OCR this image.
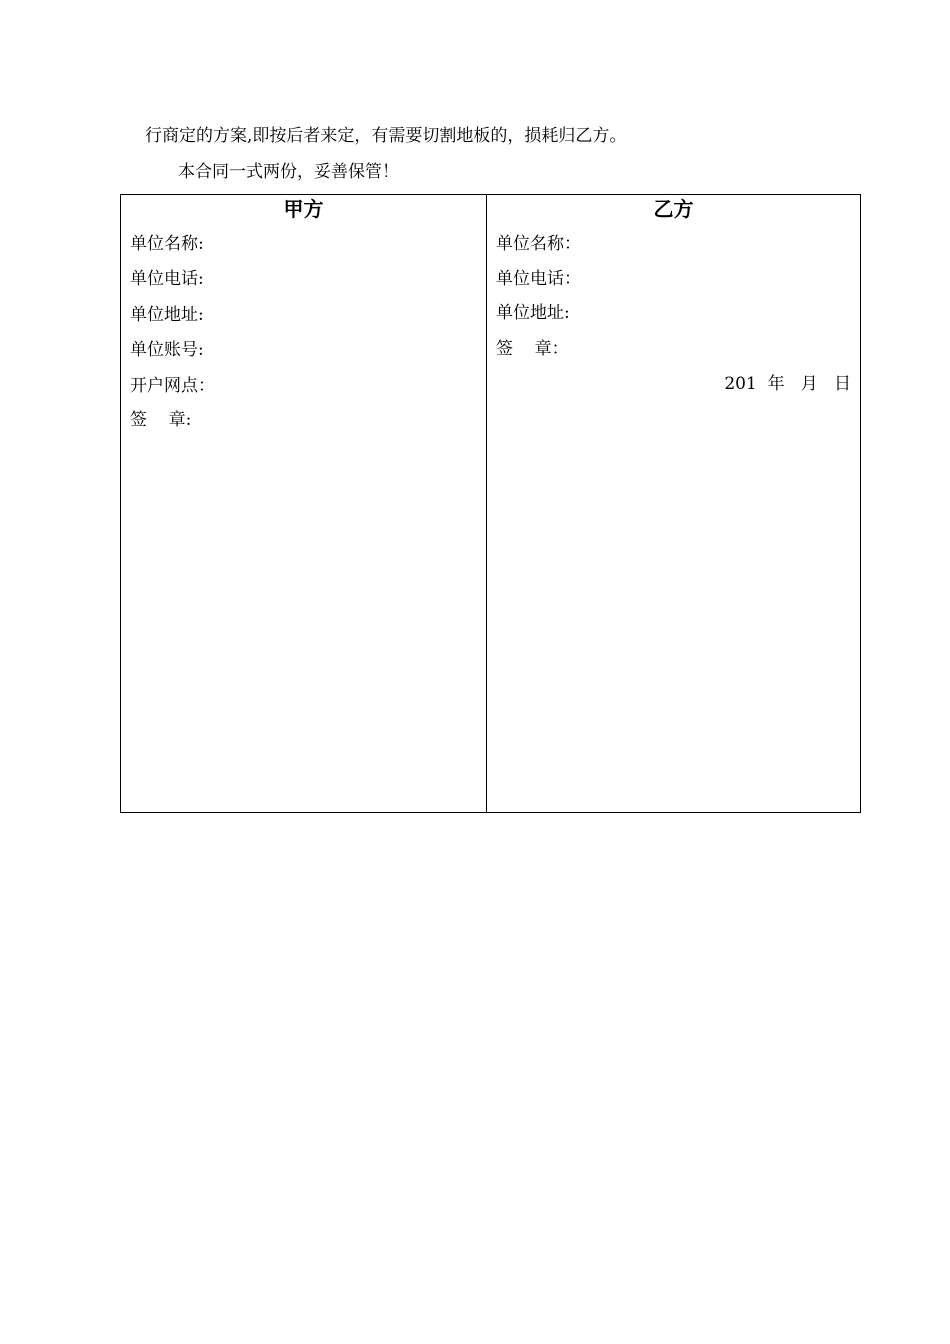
行商定的方案,即按后者来定，有需要切割地板的，损耗归乙方。
本合同一式两份，妥善保管！
甲方
单位名称:
单位电话:
单位地址:
单位账号:
开户网点：
签    章:
乙方
单位名称：
单位电话：
单位地址:
签    章：
201  年   月   日
